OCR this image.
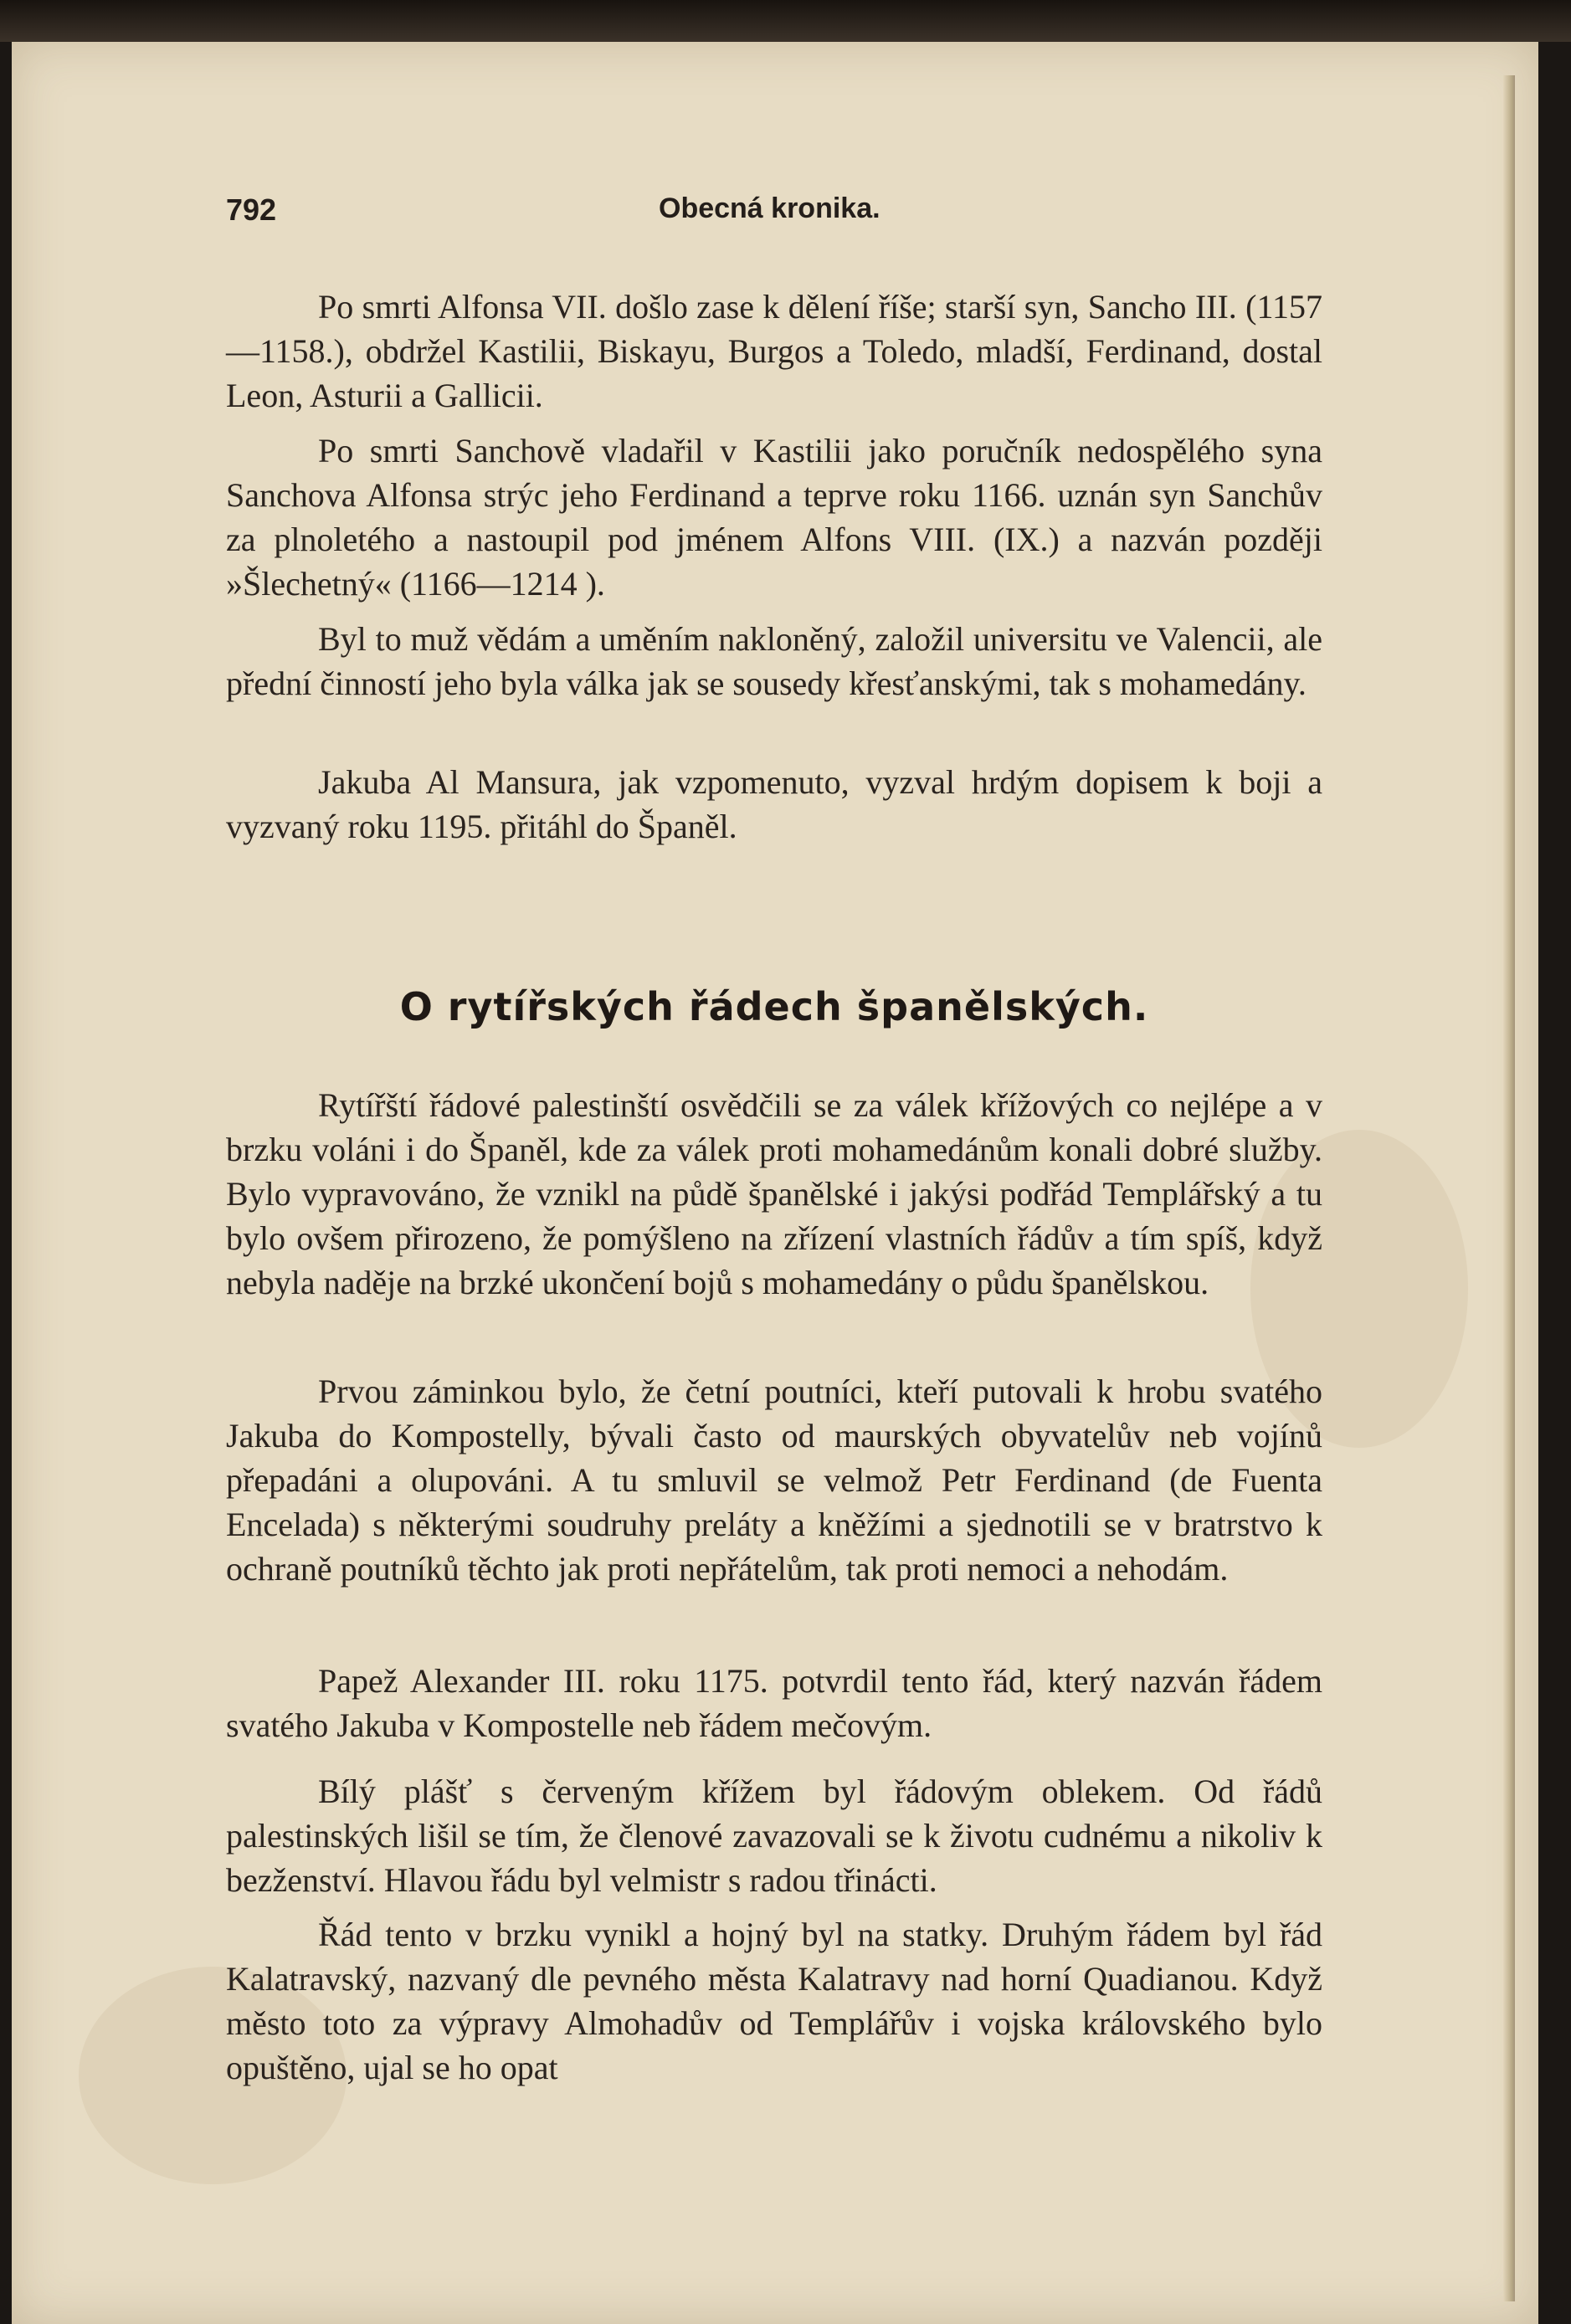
792	Obecná kronika.

Po smrti Alfonsa VII. došlo zase k dělení říše; starší syn, Sancho III. (1157—1158.), obdržel Kastilii, Biskayu, Burgos a Toledo, mladší, Ferdinand, dostal Leon, Asturii a Gallicii.

Po smrti Sanchově vladařil v Kastilii jako poručník nedospělého syna Sanchova Alfonsa strýc jeho Ferdinand a teprve roku 1166. uznán syn Sanchův za plnoletého a nastoupil pod jménem Alfons VIII. (IX.) a nazván později »Šlechetný« (1166—1214 ).

Byl to muž vědám a uměním nakloněný, založil universitu ve Valencii, ale přední činností jeho byla válka jak se sousedy křesťanskými, tak s mohamedány.

Jakuba Al Mansura, jak vzpomenuto, vyzval hrdým dopisem k boji a vyzvaný roku 1195. přitáhl do Španěl.

O rytířských řádech španělských.

Rytířští řádové palestinští osvědčili se za válek křížových co nejlépe a v brzku voláni i do Španěl, kde za válek proti mohamedánům konali dobré služby. Bylo vypravováno, že vznikl na půdě španělské i jakýsi podřád Templářský a tu bylo ovšem přirozeno, že pomýšleno na zřízení vlastních řádův a tím spíš, když nebyla naděje na brzké ukončení bojů s mohamedány o půdu španělskou.

Prvou záminkou bylo, že četní poutníci, kteří putovali k hrobu svatého Jakuba do Kompostelly, bývali často od maurských obyvatelův neb vojínů přepadáni a olupováni. A tu smluvil se velmož Petr Ferdinand (de Fuenta Encelada) s některými soudruhy preláty a kněžími a sjednotili se v bratrstvo k ochraně poutníků těchto jak proti nepřátelům, tak proti nemoci a nehodám.

Papež Alexander III. roku 1175. potvrdil tento řád, který nazván řádem svatého Jakuba v Kompostelle neb řádem mečovým.

Bílý plášť s červeným křížem byl řádovým oblekem. Od řádů palestinských lišil se tím, že členové zavazovali se k životu cudnému a nikoliv k bezženství. Hlavou řádu byl velmistr s radou třinácti.

Řád tento v brzku vynikl a hojný byl na statky. Druhým řádem byl řád Kalatravský, nazvaný dle pevného města Kalatravy nad horní Quadianou. Když město toto za výpravy Almohadův od Templářův i vojska královského bylo opuštěno, ujal se ho opat
